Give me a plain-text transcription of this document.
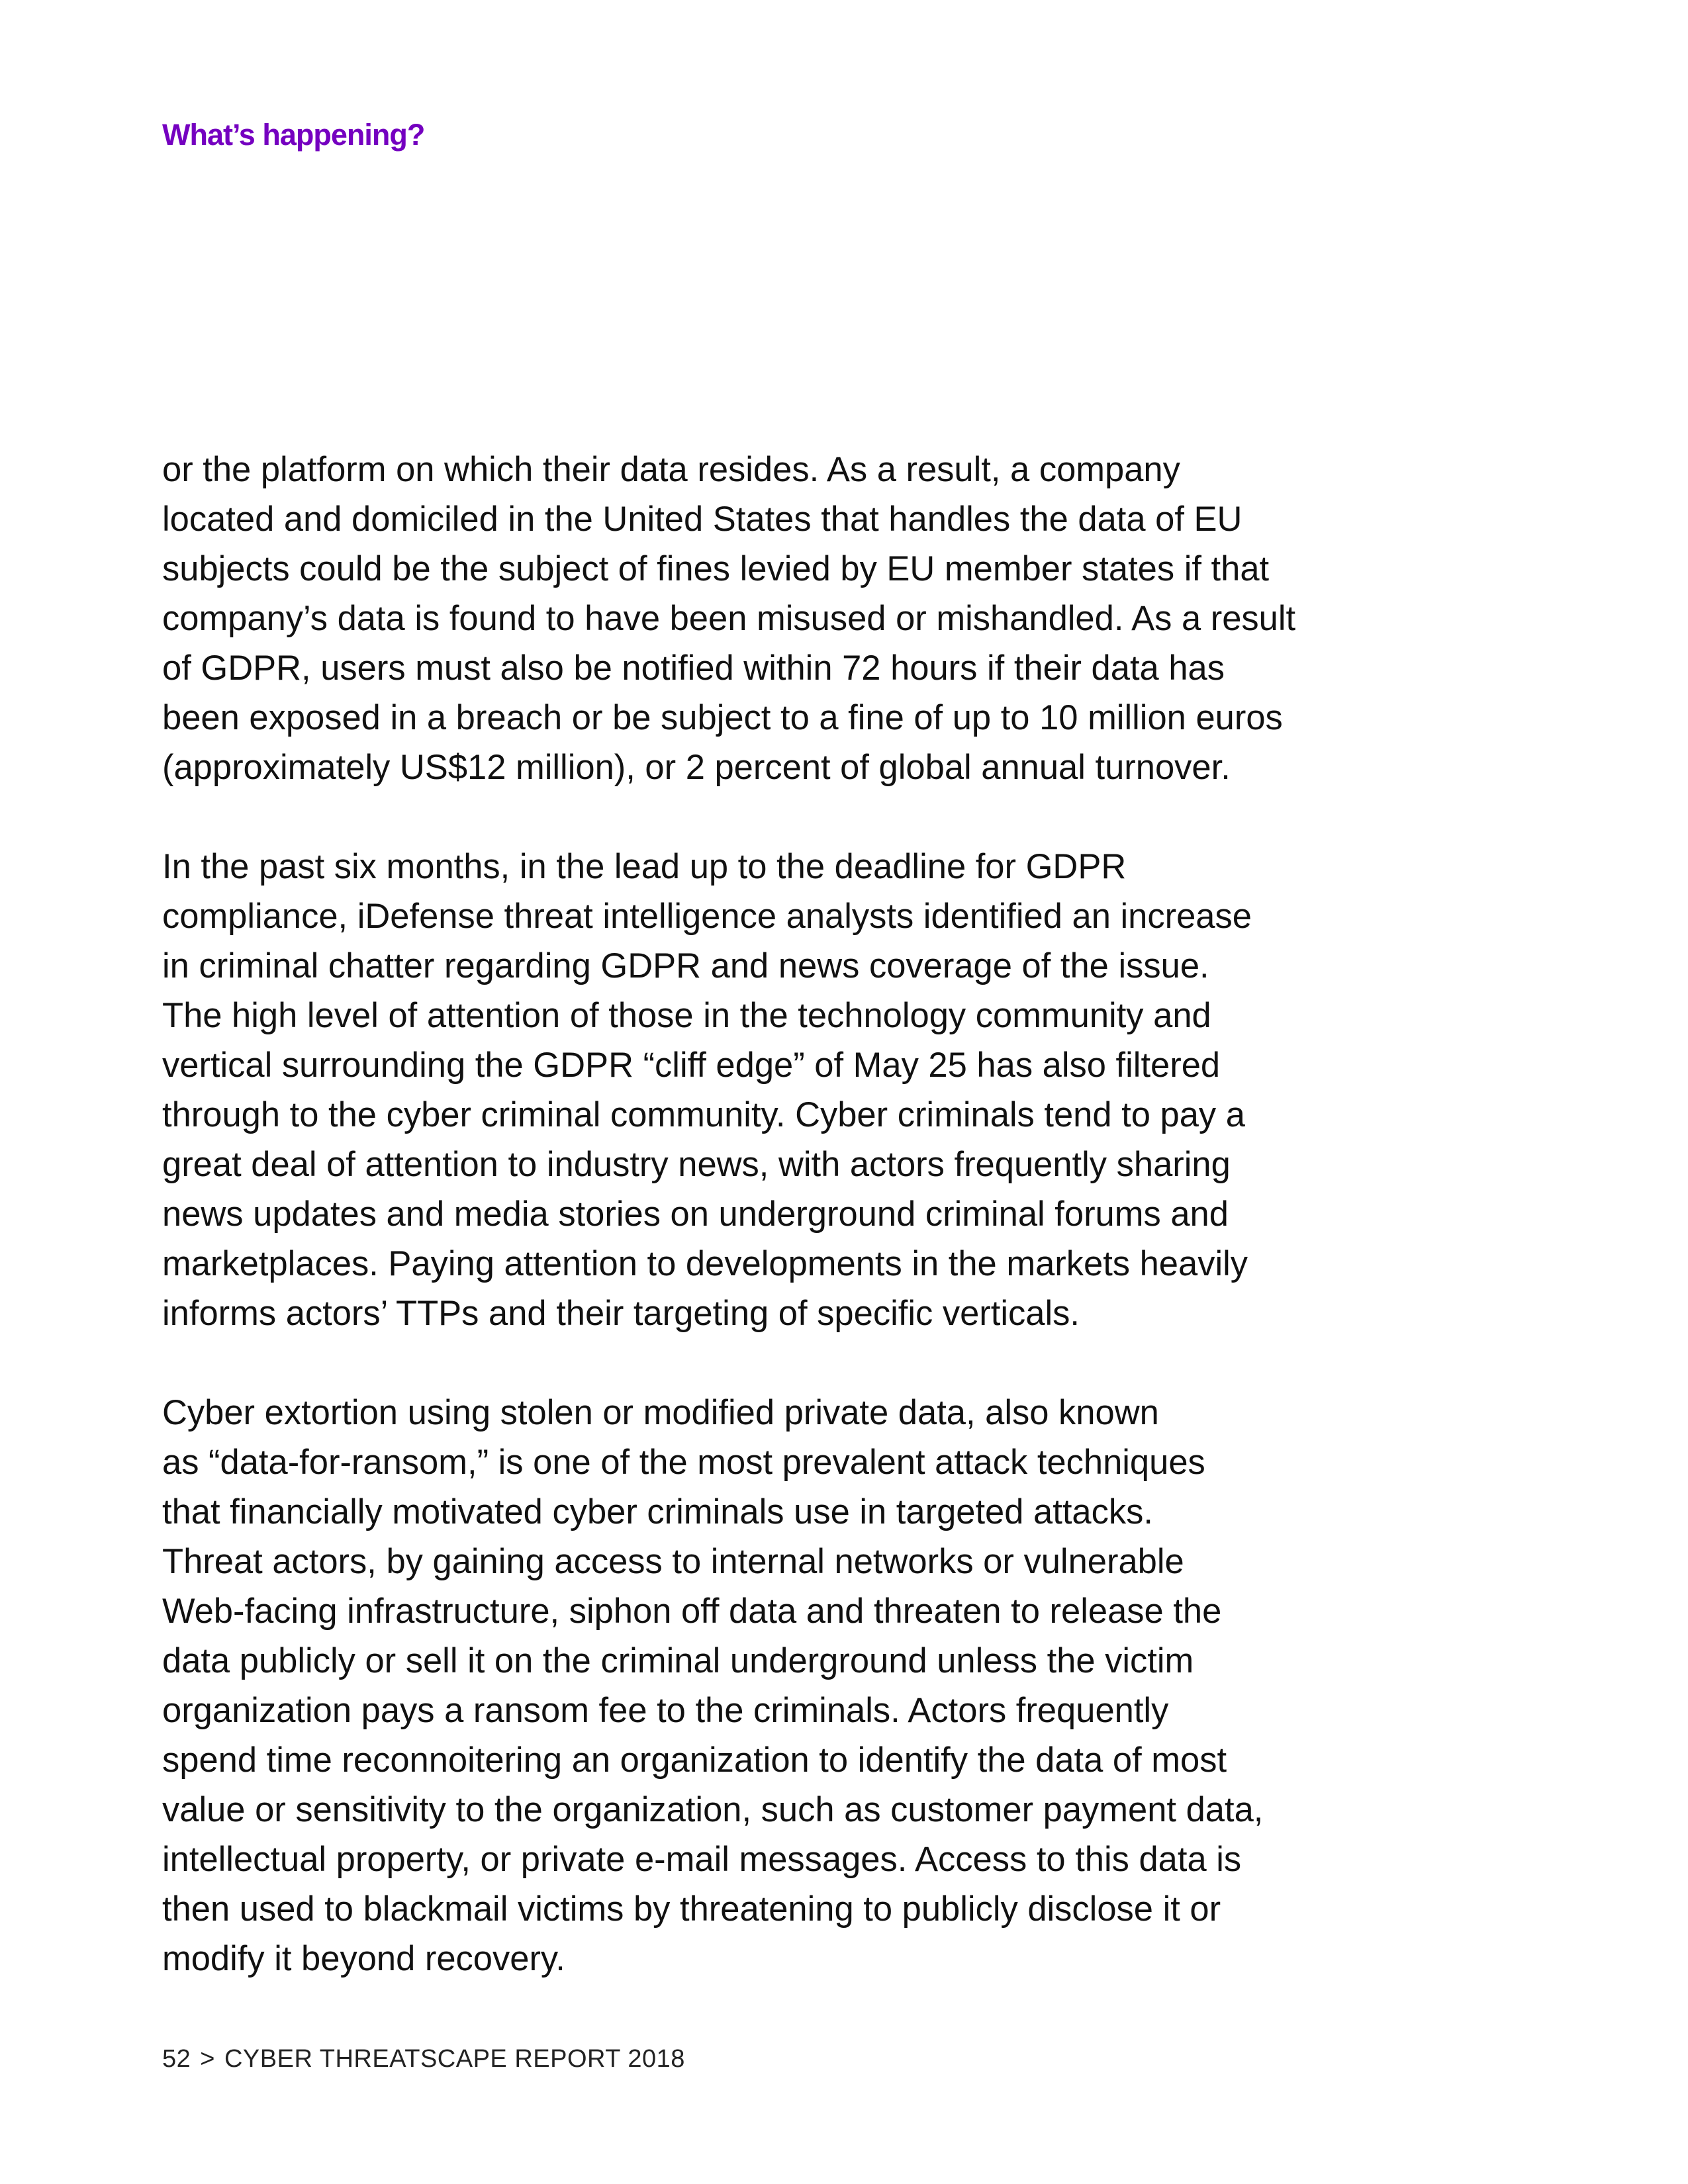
What’s happening?

or the platform on which their data resides. As a result, a company
located and domiciled in the United States that handles the data of EU
subjects could be the subject of fines levied by EU member states if that
company’s data is found to have been misused or mishandled. As a result
of GDPR, users must also be notified within 72 hours if their data has
been exposed in a breach or be subject to a fine of up to 10 million euros
(approximately US$12 million), or 2 percent of global annual turnover.

In the past six months, in the lead up to the deadline for GDPR
compliance, iDefense threat intelligence analysts identified an increase
in criminal chatter regarding GDPR and news coverage of the issue.
The high level of attention of those in the technology community and
vertical surrounding the GDPR “cliff edge” of May 25 has also filtered
through to the cyber criminal community. Cyber criminals tend to pay a
great deal of attention to industry news, with actors frequently sharing
news updates and media stories on underground criminal forums and
marketplaces. Paying attention to developments in the markets heavily
informs actors’ TTPs and their targeting of specific verticals.

Cyber extortion using stolen or modified private data, also known
as “data-for-ransom,” is one of the most prevalent attack techniques
that financially motivated cyber criminals use in targeted attacks.
Threat actors, by gaining access to internal networks or vulnerable
Web-facing infrastructure, siphon off data and threaten to release the
data publicly or sell it on the criminal underground unless the victim
organization pays a ransom fee to the criminals. Actors frequently
spend time reconnoitering an organization to identify the data of most
value or sensitivity to the organization, such as customer payment data,
intellectual property, or private e-mail messages. Access to this data is
then used to blackmail victims by threatening to publicly disclose it or
modify it beyond recovery.

52 > CYBER THREATSCAPE REPORT 2018
